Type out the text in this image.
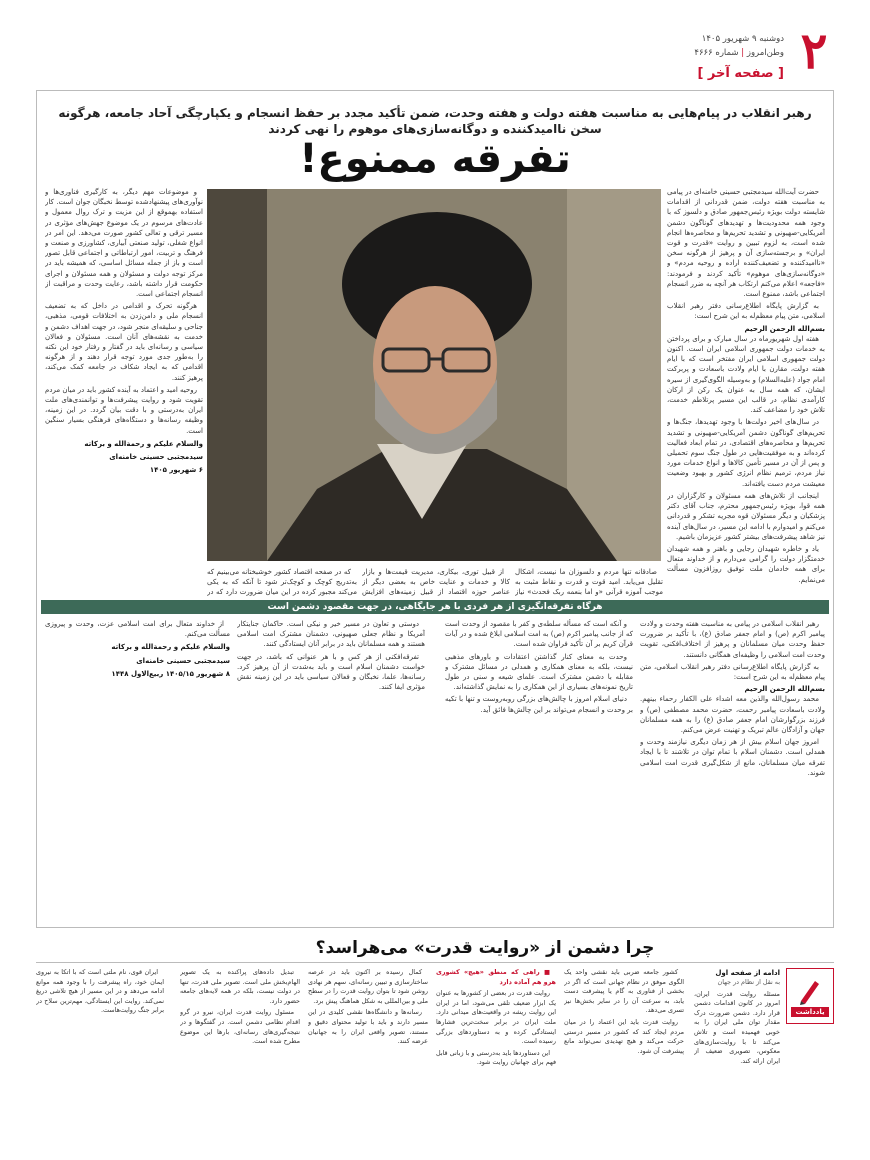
۲
دوشنبه ۹ شهریور ۱۴۰۵
وطن‌امروز | شماره ۴۶۶۶
[ صفحه آخر ]
رهبر انقلاب در پیام‌هایی به مناسبت هفته دولت و هفته وحدت، ضمن تأکید مجدد بر حفظ انسجام و یکپارچگی آحاد جامعه، هرگونه سخن ناامیدکننده و دوگانه‌سازی‌های موهوم را نهی کردند
تفرقه ممنوع!

حضرت آیت‌الله سیدمجتبی حسینی خامنه‌ای در پیامی به مناسبت هفته دولت، ضمن قدردانی از اقدامات شایسته دولت بویژه رئیس‌جمهور صادق و دلسوز که با وجود همه محدودیت‌ها و تهدیدهای گوناگون دشمن آمریکایی-صهیونی و تشدید تحریم‌ها و محاصره‌ها انجام شده است، به لزوم تبیین و روایت «قدرت و قوت ایران» و برجسته‌سازی آن و پرهیز از هرگونه سخن «ناامیدکننده و تضعیف‌کننده اراده و روحیه مردم» و «دوگانه‌سازی‌های موهوم» تأکید کردند و فرمودند: «فاجعه» اعلام می‌کنم ارتکاب هر آنچه به ضرر انسجام اجتماعی باشد، ممنوع است.

به گزارش پایگاه اطلاع‌رسانی دفتر رهبر انقلاب اسلامی، متن پیام معظم‌له به این شرح است:

بسم‌الله الرحمن الرحیم

هفته اول شهریورماه در سال مبارک و برای پرداختن به خدمات دولت جمهوری اسلامی ایران است. اکنون دولت جمهوری اسلامی ایران مفتخر است که با ایام هفته دولت، مقارن با ایام ولادت باسعادت و پربرکت امام جواد (علیه‌السلام) و به‌وسیله الگوی‌گیری از سیره ایشان، که همه سال به عنوان یک رکن از ارکان کارآمدی نظام، در قالب این مسیر پرتلاطم خدمت، تلاش خود را مضاعف کند.

در سال‌های اخیر دولت‌ها با وجود تهدیدها، جنگ‌ها و تحریم‌های گوناگون دشمن آمریکایی-صهیونی و تشدید تحریم‌ها و محاصره‌های اقتصادی، در تمام ابعاد فعالیت کرده‌اند و به موفقیت‌هایی در طول جنگ سوم تحمیلی و پس از آن در مسیر تأمین کالاها و انواع خدمات مورد نیاز مردم، ترمیم نظام انرژی کشور و بهبود وضعیت معیشت مردم دست یافته‌اند.

اینجانب از تلاش‌های همه مسئولان و کارگزاران در همه قوا، بویژه رئیس‌جمهور محترم، جناب آقای دکتر پزشکیان و دیگر مسئولان قوه مجریه تشکر و قدردانی می‌کنم و امیدوارم با ادامه این مسیر، در سال‌های آینده نیز شاهد پیشرفت‌های بیشتر کشور عزیزمان باشیم.

یاد و خاطره شهیدان رجایی و باهنر و همه شهیدان خدمتگزار دولت را گرامی می‌دارم و از خداوند متعال برای همه خادمان ملت توفیق روزافزون مسألت می‌نمایم.

و موضوعات مهم دیگر، به کارگیری فناوری‌ها و نوآوری‌های پیشنهادشده توسط نخبگان جوان است. کار استفاده بهموقع از این مزیت و ترک روال معمول و عادت‌های مرسوم در یک موضوع جهش‌های مؤثری در مسیر ترقی و تعالی کشور صورت می‌دهد. این امر در انواع شغلی، تولید صنعتی آبیاری، کشاورزی و صنعت و فرهنگ و تربیت، امور ارتباطاتی و اجتماعی قابل تصور است و باز از جمله مسائل اساسی، که همیشه باید در مرکز توجه دولت و مسئولان و همه مسئولان و اجرای حکومت قرار داشته باشد، رعایت وحدت و مراقبت از انسجام اجتماعی است.

هرگونه تحرک و اقدامی در داخل که به تضعیف انسجام ملی و دامن‌زدن به اختلافات قومی، مذهبی، جناحی و سلیقه‌ای منجر شود، در جهت اهداف دشمن و خدمت به نقشه‌های آنان است. مسئولان و فعالان سیاسی و رسانه‌ای باید در گفتار و رفتار خود این نکته را به‌طور جدی مورد توجه قرار دهند و از هرگونه اقدامی که به ایجاد شکاف در جامعه کمک می‌کند، پرهیز کنند.

روحیه امید و اعتماد به آینده کشور باید در میان مردم تقویت شود و روایت پیشرفت‌ها و توانمندی‌های ملت ایران به‌درستی و با دقت بیان گردد. در این زمینه، وظیفه رسانه‌ها و دستگاه‌های فرهنگی بسیار سنگین است.

والسلام علیکم و رحمةالله و برکاته
سیدمجتبی حسینی خامنه‌ای
۶ شهریور ۱۴۰۵

صادقانه تنها مردم و دلسوزان ما نیست، اشکال تقلیل می‌یابد. امید قوت و قدرت و نقاط مثبت به موجب آموزه قرآنی «و اما بنعمه ربک فحدث» نیاز

از قبیل توری، بیکاری، مدیریت قیمت‌ها و بازار کالا و خدمات و عنایت خاص به بعضی دیگر از عناصر حوزه اقتصاد از قبیل زمینه‌های افزایش

که در صفحه اقتصاد کشور خوشبختانه می‌بینیم که به‌تدریج کوچک و کوچک‌تر شود تا آنکه که به یکی می‌کند مجبور کرده در این میان ضرورت دارد که در

هرگاه تفرقه‌انگیزی از هر فردی با هر جایگاهی، در جهت مقصود دشمن است

رهبر انقلاب اسلامی در پیامی به مناسبت هفته وحدت و ولادت پیامبر اکرم (ص) و امام جعفر صادق (ع)، با تأکید بر ضرورت حفظ وحدت میان مسلمانان و پرهیز از اختلاف‌افکنی، تقویت وحدت امت اسلامی را وظیفه‌ای همگانی دانستند.

به گزارش پایگاه اطلاع‌رسانی دفتر رهبر انقلاب اسلامی، متن پیام معظم‌له به این شرح است:

بسم‌الله الرحمن الرحیم

محمد رسول‌الله والذین معه اشداء علی الکفار رحماء بینهم. ولادت باسعادت پیامبر رحمت، حضرت محمد مصطفی (ص) و فرزند بزرگوارشان امام جعفر صادق (ع) را به همه مسلمانان جهان و آزادگان عالم تبریک و تهنیت عرض می‌کنم.

امروز جهان اسلام بیش از هر زمان دیگری نیازمند وحدت و همدلی است. دشمنان اسلام با تمام توان در تلاشند تا با ایجاد تفرقه میان مسلمانان، مانع از شکل‌گیری قدرت امت اسلامی شوند.

و آنکه است که مسأله سلطه‌ی و کفر با مقصود از وحدت است که از جانب پیامبر اکرم (ص) به امت اسلامی ابلاغ شده و در آیات قرآن کریم بر آن تأکید فراوان شده است.

وحدت به معنای کنار گذاشتن اعتقادات و باورهای مذهبی نیست، بلکه به معنای همکاری و همدلی در مسائل مشترک و مقابله با دشمن مشترک است. علمای شیعه و سنی در طول تاریخ نمونه‌های بسیاری از این همکاری را به نمایش گذاشته‌اند.

دنیای اسلام امروز با چالش‌های بزرگی روبه‌روست و تنها با تکیه بر وحدت و انسجام می‌تواند بر این چالش‌ها فائق آید.

دوستی و تعاون در مسیر خیر و نیکی است. حاکمان جنایتکار آمریکا و نظام جعلی صهیونی، دشمنان مشترک امت اسلامی هستند و همه مسلمانان باید در برابر آنان ایستادگی کنند.

تفرقه‌افکنی از هر کس و با هر عنوانی که باشد، در جهت خواست دشمنان اسلام است و باید به‌شدت از آن پرهیز کرد. رسانه‌ها، علما، نخبگان و فعالان سیاسی باید در این زمینه نقش مؤثری ایفا کنند.

از خداوند متعال برای امت اسلامی عزت، وحدت و پیروزی مسألت می‌کنم.

والسلام علیکم و رحمةالله و برکاته
سیدمجتبی حسینی خامنه‌ای
۸ شهریور ۱۴۰۵/۱۵ ربیع‌الاول ۱۴۴۸
چرا دشمن از «روایت قدرت» می‌هراسد؟
یادداشت
ادامه از صفحه اول
به نقل از نظام در جهان

مسئله روایت قدرت ایران، امروز در کانون اقدامات دشمن قرار دارد. دشمن ضرورت درک مقدار توان ملی ایران را به خوبی فهمیده است و تلاش می‌کند تا با روایت‌سازی‌های معکوس، تصویری ضعیف از ایران ارائه کند.

کشور جامعه ضربی باید نقشی واحد یک الگوی موفق در نظام جهانی است که اگر در بخشی از فناوری به گام یا پیشرفت دست یابد، به سرعت آن را در سایر بخش‌ها نیز تسری می‌دهد.

روایت قدرت باید این اعتماد را در میان مردم ایجاد کند که کشور در مسیر درستی حرکت می‌کند و هیچ تهدیدی نمی‌تواند مانع پیشرفت آن شود.

■ راهی که منطق «هیچ» کشوری هرو هم آماده دارد

روایت قدرت در بعضی از کشورها به عنوان یک ابزار ضعیف تلقی می‌شود، اما در ایران این روایت ریشه در واقعیت‌های میدانی دارد. ملت ایران در برابر سخت‌ترین فشارها ایستادگی کرده و به دستاوردهای بزرگی رسیده است.

این دستاوردها باید به‌درستی و با زبانی قابل فهم برای جهانیان روایت شود.

کمال رسیده‌ بر اکنون باید در عرصه ساختارسازی و تبیین رسانه‌ای، سهم هر نهادی روشن شود تا بتوان روایت قدرت را در سطح ملی و بین‌المللی به شکل هماهنگ پیش برد.

رسانه‌ها و دانشگاه‌ها نقشی کلیدی در این مسیر دارند و باید با تولید محتوای دقیق و مستند، تصویر واقعی ایران را به جهانیان عرضه کنند.

تبدیل داده‌های پراکنده به یک تصویر الهام‌بخش ملی است. تصویر ملی قدرت، تنها در دولت نیست، بلکه در همه لایه‌های جامعه حضور دارد.

مسئول روایت قدرت ایران، نیرو در گرو اقدام نظامی دشمن است. در گفتگوها و در نتیجه‌گیری‌های رسانه‌ای، بارها این موضوع مطرح شده است.

ایران قوی، نام ملتی است که با اتکا به نیروی ایمان خود، راه پیشرفت را با وجود همه موانع ادامه می‌دهد و در این مسیر از هیچ تلاشی دریغ نمی‌کند. روایت این ایستادگی، مهم‌ترین سلاح در برابر جنگ روایت‌هاست.
